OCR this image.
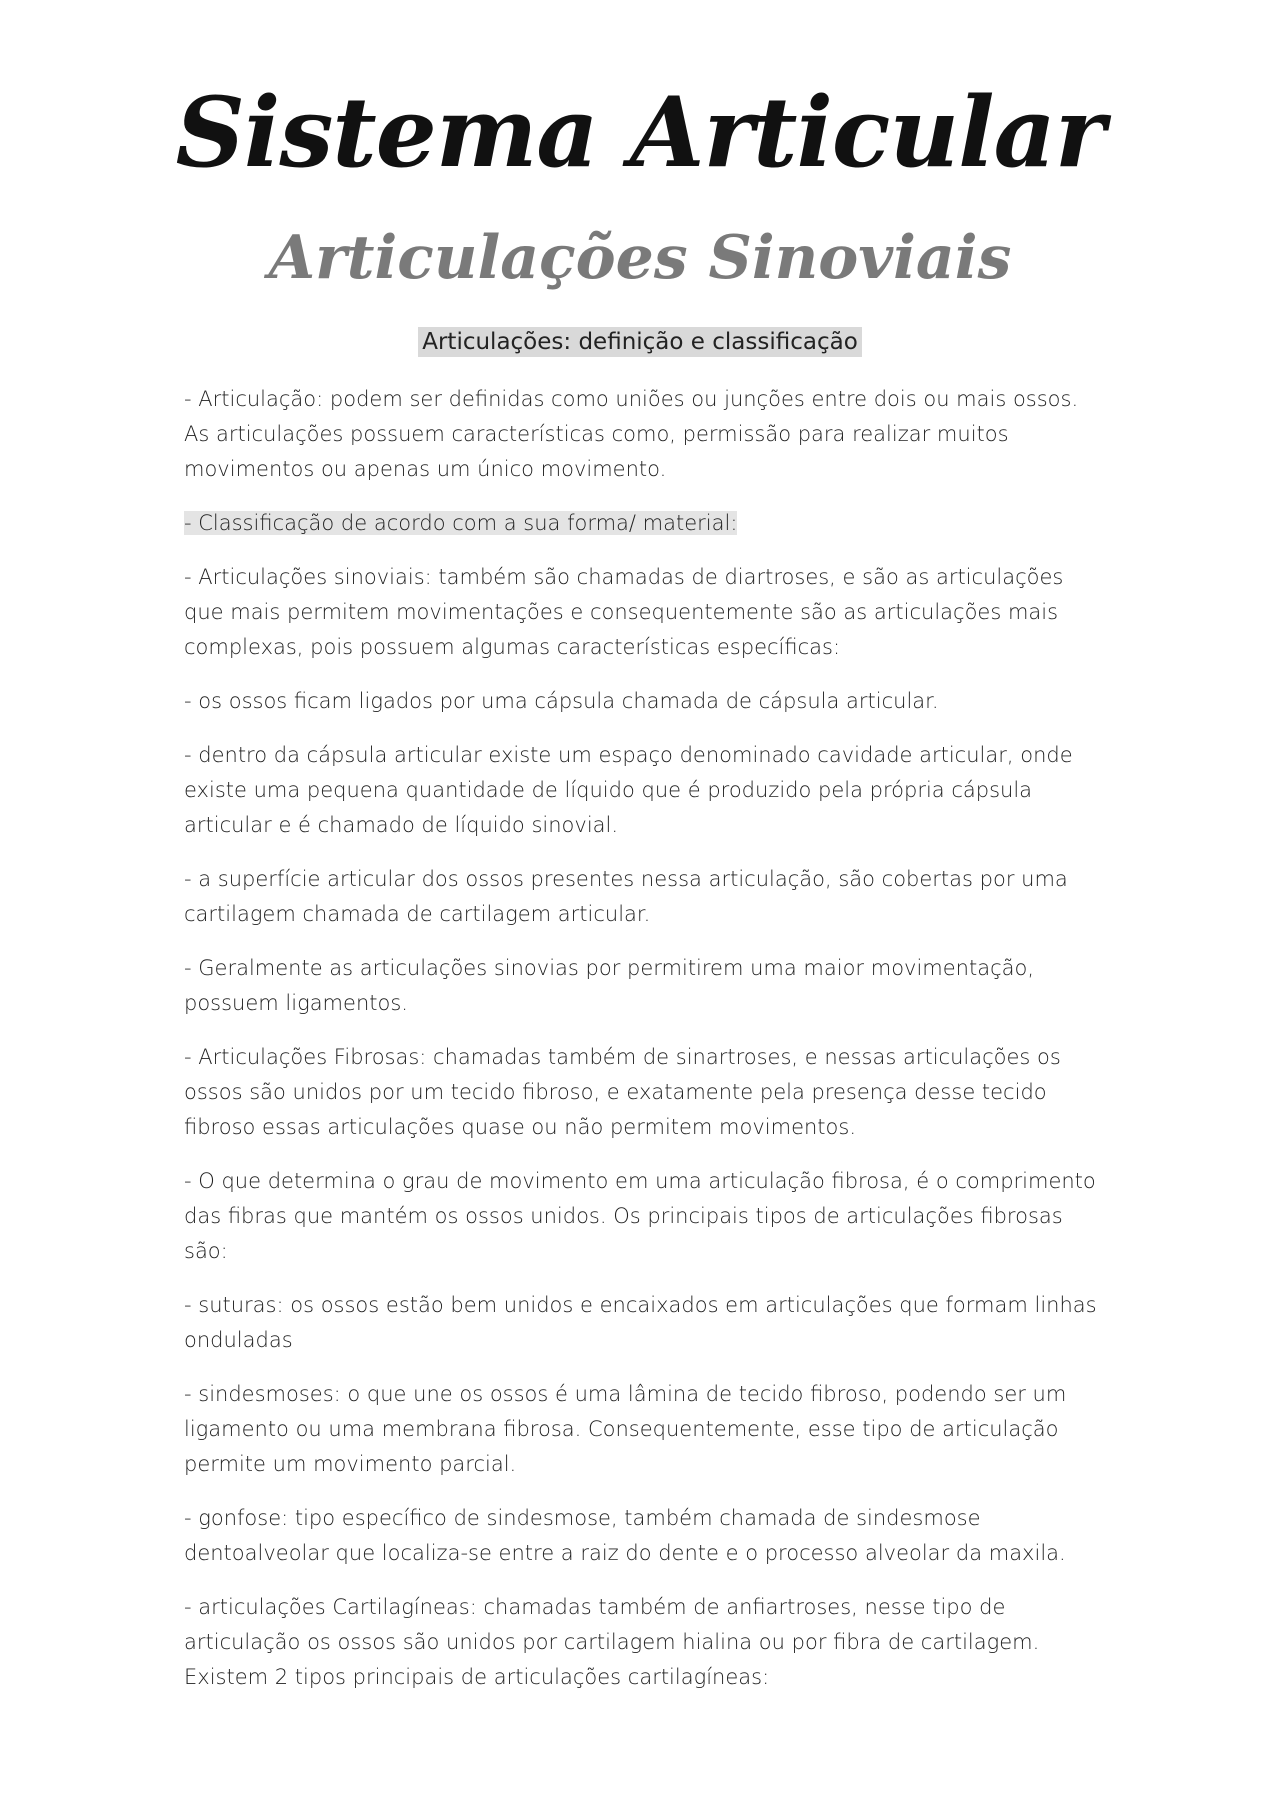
Sistema Articular
Articulações Sinoviais
Articulações: definição e classificação

- Articulação: podem ser definidas como uniões ou junções entre dois ou mais ossos. As articulações possuem características como, permissão para realizar muitos movimentos ou apenas um único movimento.

- Classificação de acordo com a sua forma/ material:

- Articulações sinoviais: também são chamadas de diartroses, e são as articulações que mais permitem movimentações e consequentemente são as articulações mais complexas, pois possuem algumas características específicas:

- os ossos ficam ligados por uma cápsula chamada de cápsula articular.

- dentro da cápsula articular existe um espaço denominado cavidade articular, onde existe uma pequena quantidade de líquido que é produzido pela própria cápsula articular e é chamado de líquido sinovial.

- a superfície articular dos ossos presentes nessa articulação, são cobertas por uma cartilagem chamada de cartilagem articular.

- Geralmente as articulações sinovias por permitirem uma maior movimentação, possuem ligamentos.

- Articulações Fibrosas: chamadas também de sinartroses, e nessas articulações os ossos são unidos por um tecido fibroso, e exatamente pela presença desse tecido fibroso essas articulações quase ou não permitem movimentos.

- O que determina o grau de movimento em uma articulação fibrosa, é o comprimento das fibras que mantém os ossos unidos. Os principais tipos de articulações fibrosas são:

- suturas: os ossos estão bem unidos e encaixados em articulações que formam linhas onduladas

- sindesmoses: o que une os ossos é uma lâmina de tecido fibroso, podendo ser um ligamento ou uma membrana fibrosa. Consequentemente, esse tipo de articulação permite um movimento parcial.

- gonfose: tipo específico de sindesmose, também chamada de sindesmose dentoalveolar que localiza-se entre a raiz do dente e o processo alveolar da maxila.

- articulações Cartilagíneas: chamadas também de anfiartroses, nesse tipo de articulação os ossos são unidos por cartilagem hialina ou por fibra de cartilagem. Existem 2 tipos principais de articulações cartilagíneas:
